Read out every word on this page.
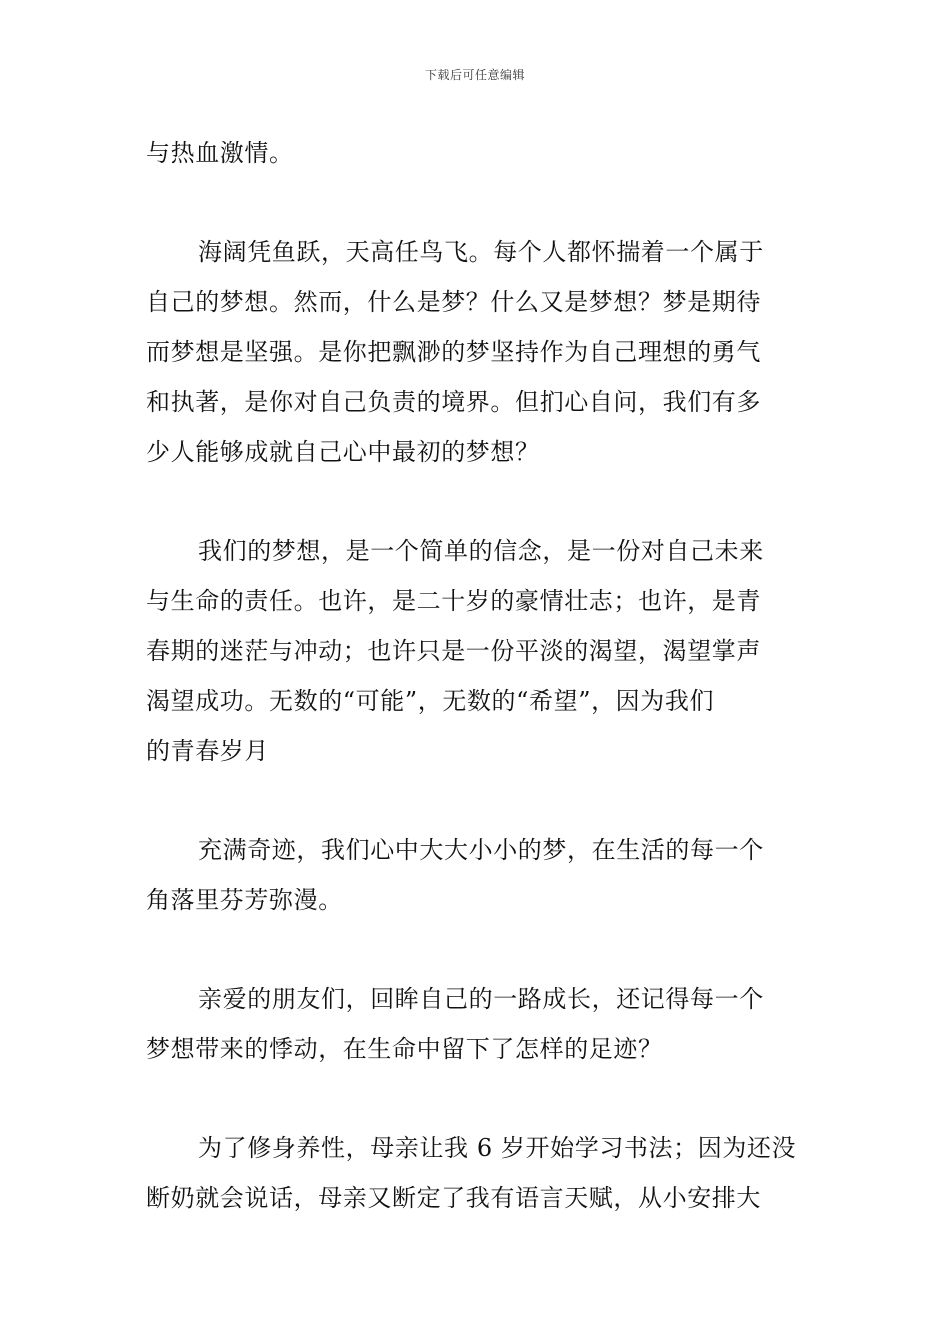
下载后可任意编辑
与热血激情。
海阔凭鱼跃，天高任鸟飞。每个人都怀揣着一个属于
自己的梦想。然而，什么是梦？什么又是梦想？梦是期待
而梦想是坚强。是你把飘渺的梦坚持作为自己理想的勇气
和执著，是你对自己负责的境界。但扪心自问，我们有多
少人能够成就自己心中最初的梦想？
我们的梦想，是一个简单的信念，是一份对自己未来
与生命的责任。也许，是二十岁的豪情壮志；也许，是青
春期的迷茫与冲动；也许只是一份平淡的渴望，渴望掌声
渴望成功。无数的“可能”，无数的“希望”，因为我们
的青春岁月
充满奇迹，我们心中大大小小的梦，在生活的每一个
角落里芬芳弥漫。
亲爱的朋友们，回眸自己的一路成长，还记得每一个
梦想带来的悸动，在生命中留下了怎样的足迹？
为了修身养性，母亲让我 6 岁开始学习书法；因为还没
断奶就会说话，母亲又断定了我有语言天赋，从小安排大
